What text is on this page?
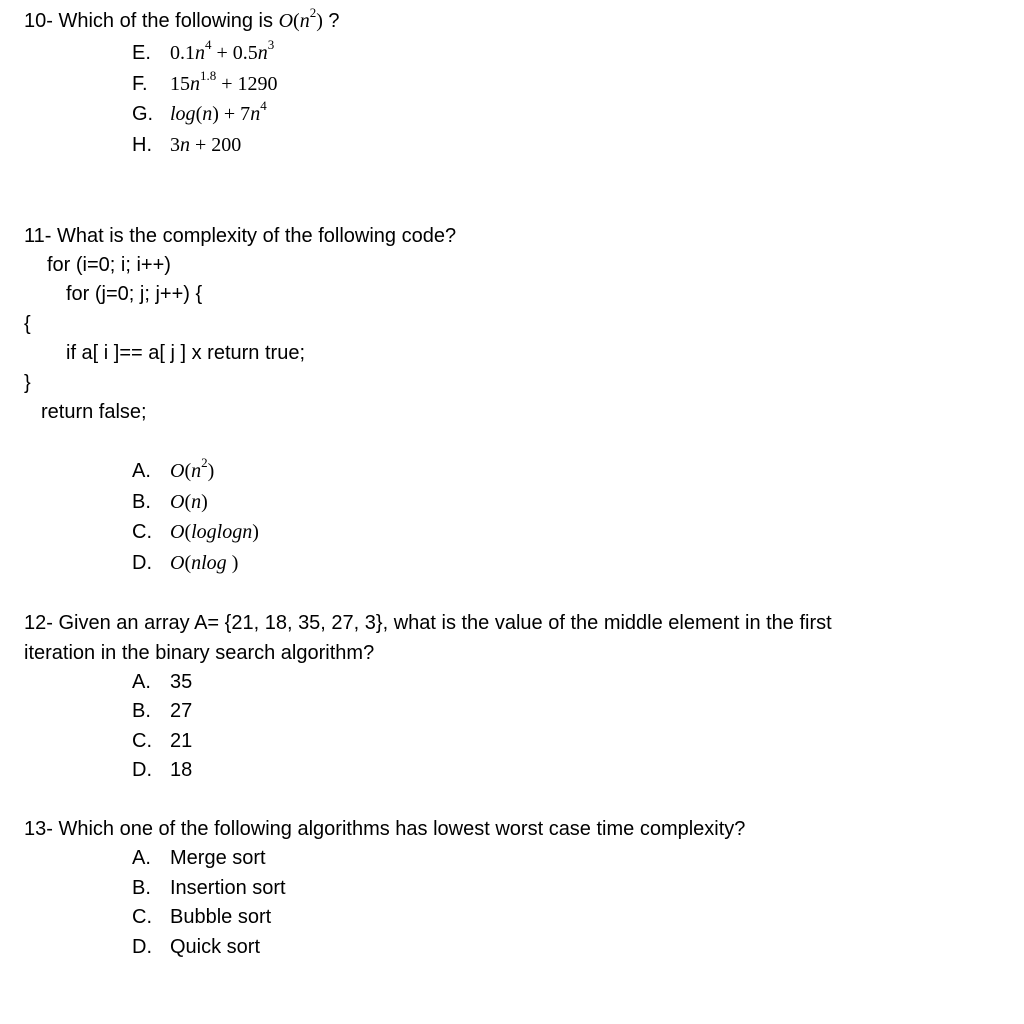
10- Which of the following is $O(n^2)$ ?
E. $0.1n^4 + 0.5n^3$
F. $15n^{1.8} + 1290$
G. $\log(n) + 7n^4$
H. 3n + 200
11- What is the complexity of the following code?
for (i=0; i; i++)
for (j=0; j; j++) {
{
if a[ i ]== a[ j ] x return true;
}
return false;
A. $O(n^2)$
B. O(n)
C. O(loglogn)
D. O(nlog )
12- Given an array A= {21, 18, 35, 27, 3}, what is the value of the middle element in the first
iteration in the binary search algorithm?
A. 35
B. 27
C. 21
D. 18
13- Which one of the following algorithms has lowest worst case time complexity?
A. Merge sort
B. Insertion sort
C. Bubble sort
D. Quick sort
